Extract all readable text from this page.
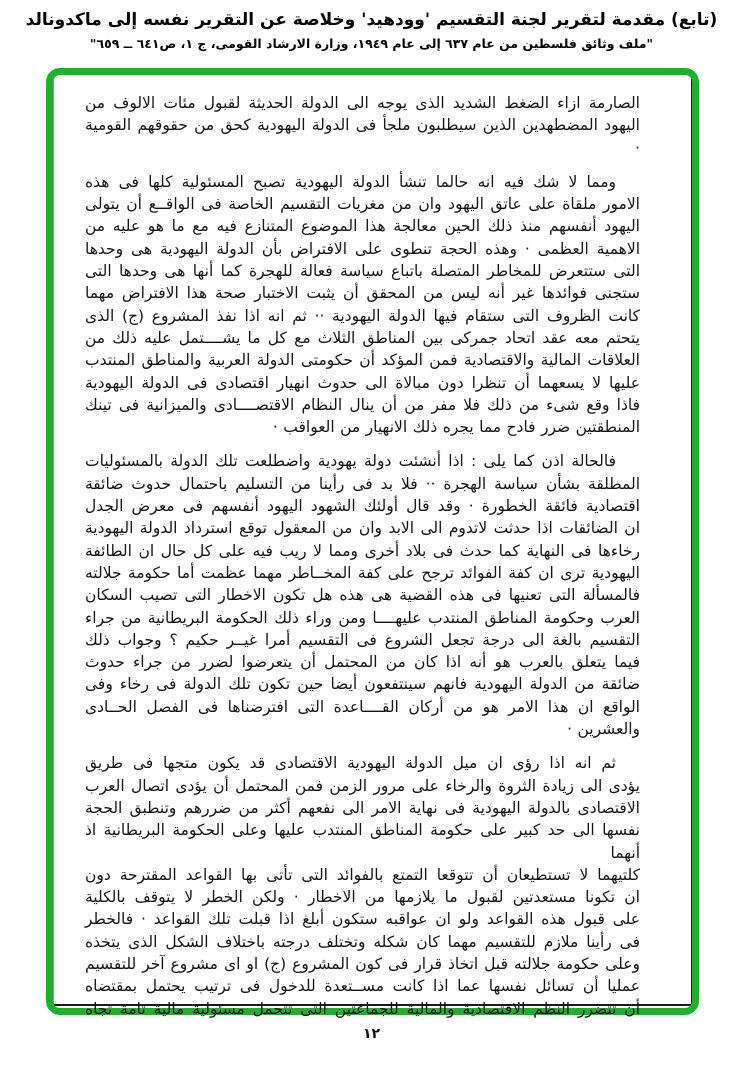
(تابع) مقدمة لتقرير لجنة التقسيم 'وودهيد' وخلاصة عن التقرير نفسه إلى ماكدونالد
"ملف وثائق فلسطين من عام ٦٣٧ إلى عام ١٩٤٩، وزارة الارشاد القومى، ج ١، ص٦٤١ ــ ٦٥٩"
الصارمة ازاء الضغط الشديد الذى يوجه الى الدولة الحديثة لقبول مئات الالوف من
اليهود المضطهدين الذين سيطلبون ملجأ فى الدولة اليهودية كحق من حقوقهم القومية ·
ومما لا شك فيه انه حالما تنشأ الدولة اليهودية تصبح المسئولية كلها فى هذه
الامور ملقاة على عاتق اليهود وان من مغريات التقسيم الخاصة فى الواقــع أن يتولى
اليهود أنفسهم منذ ذلك الحين معالجة هذا الموضوع المتنازع فيه مع ما هو عليه من
الاهمية العظمى · وهذه الحجة تنطوى على الافتراض بأن الدولة اليهودية هى وحدها
التى ستتعرض للمخاطر المتصلة باتباع سياسة فعالة للهجرة كما أنها هى وحدها التى
ستجنى فوائدها غير أنه ليس من المحقق أن يثبت الاختبار صحة هذا الافتراض مهما
كانت الظروف التى ستقام فيها الدولة اليهودية ·· ثم انه اذا نفذ المشروع (ج) الذى
يتحتم معه عقد اتحاد جمركى بين المناطق الثلاث مع كل ما يشــــتمل عليه ذلك من
العلاقات المالية والاقتصادية فمن المؤكد أن حكومتى الدولة العربية والمناطق المنتدب
عليها لا يسعهما أن تنظرا دون مبالاة الى حدوث انهيار اقتصادى فى الدولة اليهودية
فاذا وقع شىء من ذلك فلا مفر من أن ينال النظام الاقتصــــادى والميزانية فى تينك
المنطقتين ضرر فادح مما يجره ذلك الانهيار من العواقب ·
فالحالة اذن كما يلى : اذا أنشئت دولة يهودية واضطلعت تلك الدولة بالمسئوليات
المطلقة بشأن سياسة الهجرة ·· فلا بد فى رأينا من التسليم باحتمال حدوث ضائقة
اقتصادية فائقة الخطورة · وقد قال أولئك الشهود اليهود أنفسهم فى معرض الجدل
ان الضائقات اذا حدثت لاتدوم الى الابد وان من المعقول توقع استرداد الدولة اليهودية
رخاءها فى النهاية كما حدث فى بلاد أخرى ومما لا ريب فيه على كل حال ان الطائفة
اليهودية ترى ان كفة الفوائد ترجح على كفة المخــاطر مهما عظمت أما حكومة جلالته
فالمسألة التى تعنيها فى هذه القضية هى هذه هل تكون الاخطار التى تصيب السكان
العرب وحكومة المناطق المنتدب عليهــــا ومن وراء ذلك الحكومة البريطانية من جراء
التقسيم بالغة الى درجة تجعل الشروع فى التقسيم أمرا غيــر حكيم ؟ وجواب ذلك
فيما يتعلق بالعرب هو أنه اذا كان من المحتمل أن يتعرضوا لضرر من جراء حدوث
ضائقة من الدولة اليهودية فانهم سينتفعون أيضا حين تكون تلك الدولة فى رخاء وفى
الواقع ان هذا الامر هو من أركان القــــاعدة التى افترضناها فى الفصل الحــادى
والعشرين ·
ثم انه اذا رؤى ان ميل الدولة اليهودية الاقتصادى قد يكون متجها فى طريق
يؤدى الى زيادة الثروة والرخاء على مرور الزمن فمن المحتمل أن يؤدى اتصال العرب
الاقتصادى بالدولة اليهودية فى نهاية الامر الى نفعهم أكثر من ضررهم وتنطبق الحجة
نفسها الى حد كبير على حكومة المناطق المنتدب عليها وعلى الحكومة البريطانية اذ أنهما
كلتيهما لا تستطيعان أن تتوقعا التمتع بالفوائد التى تأتى بها القواعد المقترحة دون
ان تكونا مستعدتين لقبول ما يلازمها من الاخطار · ولكن الخطر لا يتوقف بالكلية
على قبول هذه القواعد ولو ان عواقبه ستكون أبلغ اذا قبلت تلك القواعد · فالخطر
فى رأينا ملازم للتقسيم مهما كان شكله وتختلف درجته باختلاف الشكل الذى يتخذه
وعلى حكومة جلالته قبل اتخاذ قرار فى كون المشروع (ج) او اى مشروع آخر للتقسيم
عمليا أن تسائل نفسها عما اذا كانت مســتعدة للدخول فى ترتيب يحتمل بمقتضاه
أن تتضرر النظم الاقتصادية والمالية للجماعتين التى تتحمل مسئولية مالية تامة تجاه
١٢
